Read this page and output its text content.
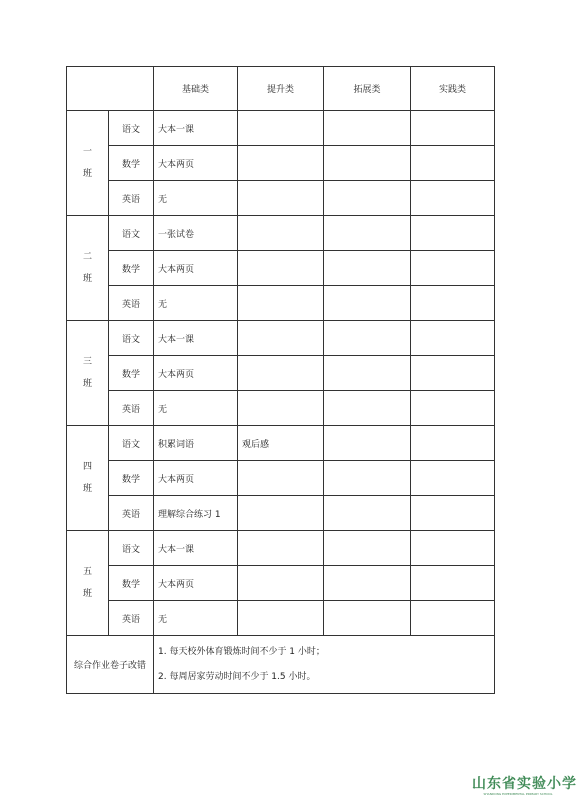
		基础类	提升类	拓展类	实践类

一
班	语文	大本一课			
	数学	大本两页			
	英语	无			

二
班	语文	一张试卷			
	数学	大本两页			
	英语	无			

三
班	语文	大本一课			
	数学	大本两页			
	英语	无			

四
班	语文	积累词语	观后感		
	数学	大本两页			
	英语	理解综合练习 1			

五
班	语文	大本一课			
	数学	大本两页			
	英语	无			
综合作业卷子改错		1. 每天校外体育锻炼时间不少于 1 小时；
2. 每周居家劳动时间不少于 1.5 小时。			
山东省实验小学
SHANDONG EXPERIMENTAL PRIMARY SCHOOL
